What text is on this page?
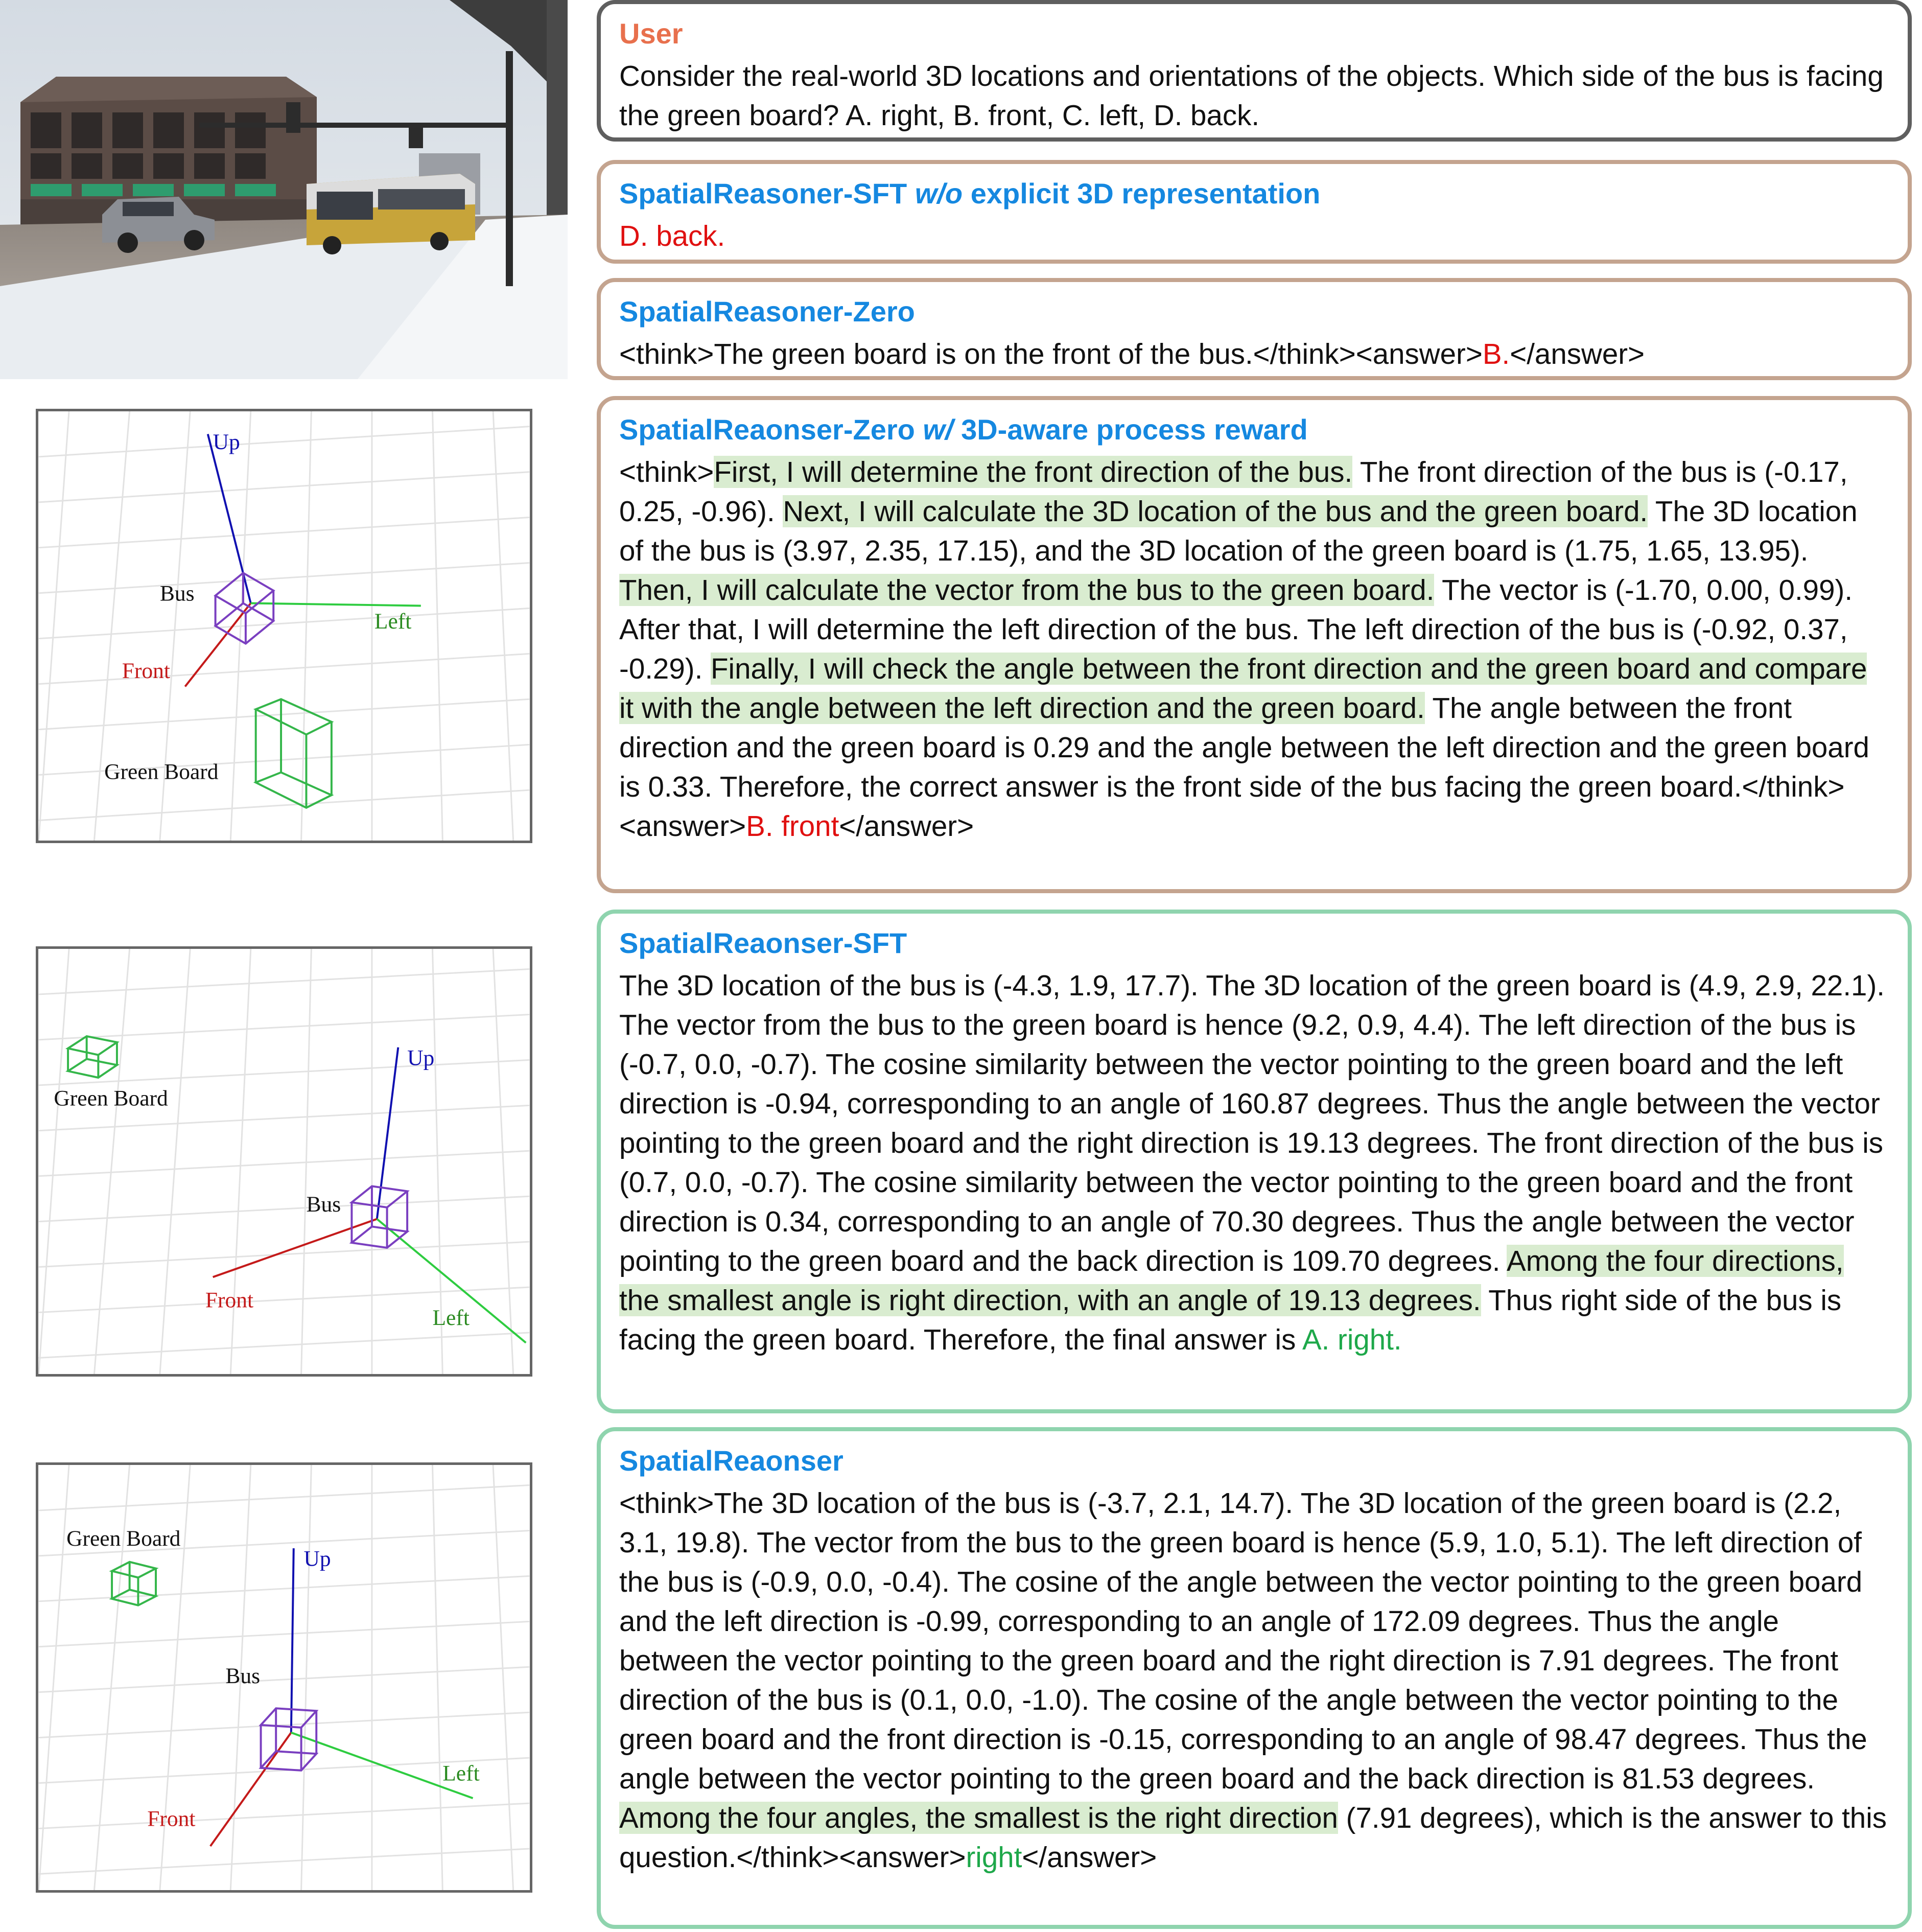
Up
Bus
Front
Left
Green Board
Up
Bus
Front
Left
Green Board
Up
Bus
Front
Left
Green Board
User
Consider the real-world 3D locations and orientations of the objects. Which side of the bus is facing the green board? A. right, B. front, C. left, D. back.
SpatialReasoner-SFT w/o explicit 3D representation
D. back.
SpatialReasoner-Zero
<think>The green board is on the front of the bus.</think><answer>B.</answer>
SpatialReaonser-Zero w/ 3D-aware process reward
<think>First, I will determine the front direction of the bus. The front direction of the bus is (-0.17, 0.25, -0.96). Next, I will calculate the 3D location of the bus and the green board. The 3D location of the bus is (3.97, 2.35, 17.15), and the 3D location of the green board is (1.75, 1.65, 13.95). Then, I will calculate the vector from the bus to the green board. The vector is (-1.70, 0.00, 0.99). After that, I will determine the left direction of the bus. The left direction of the bus is (-0.92, 0.37, -0.29). Finally, I will check the angle between the front direction and the green board and compare it with the angle between the left direction and the green board. The angle between the front direction and the green board is 0.29 and the angle between the left direction and the green board is 0.33. Therefore, the correct answer is the front side of the bus facing the green board.</think><answer>B. front</answer>
SpatialReaonser-SFT
The 3D location of the bus is (-4.3, 1.9, 17.7). The 3D location of the green board is (4.9, 2.9, 22.1). The vector from the bus to the green board is hence (9.2, 0.9, 4.4). The left direction of the bus is (-0.7, 0.0, -0.7). The cosine similarity between the vector pointing to the green board and the left direction is -0.94, corresponding to an angle of 160.87 degrees. Thus the angle between the vector pointing to the green board and the right direction is 19.13 degrees. The front direction of the bus is (0.7, 0.0, -0.7). The cosine similarity between the vector pointing to the green board and the front direction is 0.34, corresponding to an angle of 70.30 degrees. Thus the angle between the vector pointing to the green board and the back direction is 109.70 degrees. Among the four directions, the smallest angle is right direction, with an angle of 19.13 degrees. Thus right side of the bus is facing the green board. Therefore, the final answer is A. right.
SpatialReaonser
<think>The 3D location of the bus is (-3.7, 2.1, 14.7). The 3D location of the green board is (2.2, 3.1, 19.8). The vector from the bus to the green board is hence (5.9, 1.0, 5.1). The left direction of the bus is (-0.9, 0.0, -0.4). The cosine of the angle between the vector pointing to the green board and the left direction is -0.99, corresponding to an angle of 172.09 degrees. Thus the angle between the vector pointing to the green board and the right direction is 7.91 degrees. The front direction of the bus is (0.1, 0.0, -1.0). The cosine of the angle between the vector pointing to the green board and the front direction is -0.15, corresponding to an angle of 98.47 degrees. Thus the angle between the vector pointing to the green board and the back direction is 81.53 degrees. Among the four angles, the smallest is the right direction (7.91 degrees), which is the answer to this question.</think><answer>right</answer>
